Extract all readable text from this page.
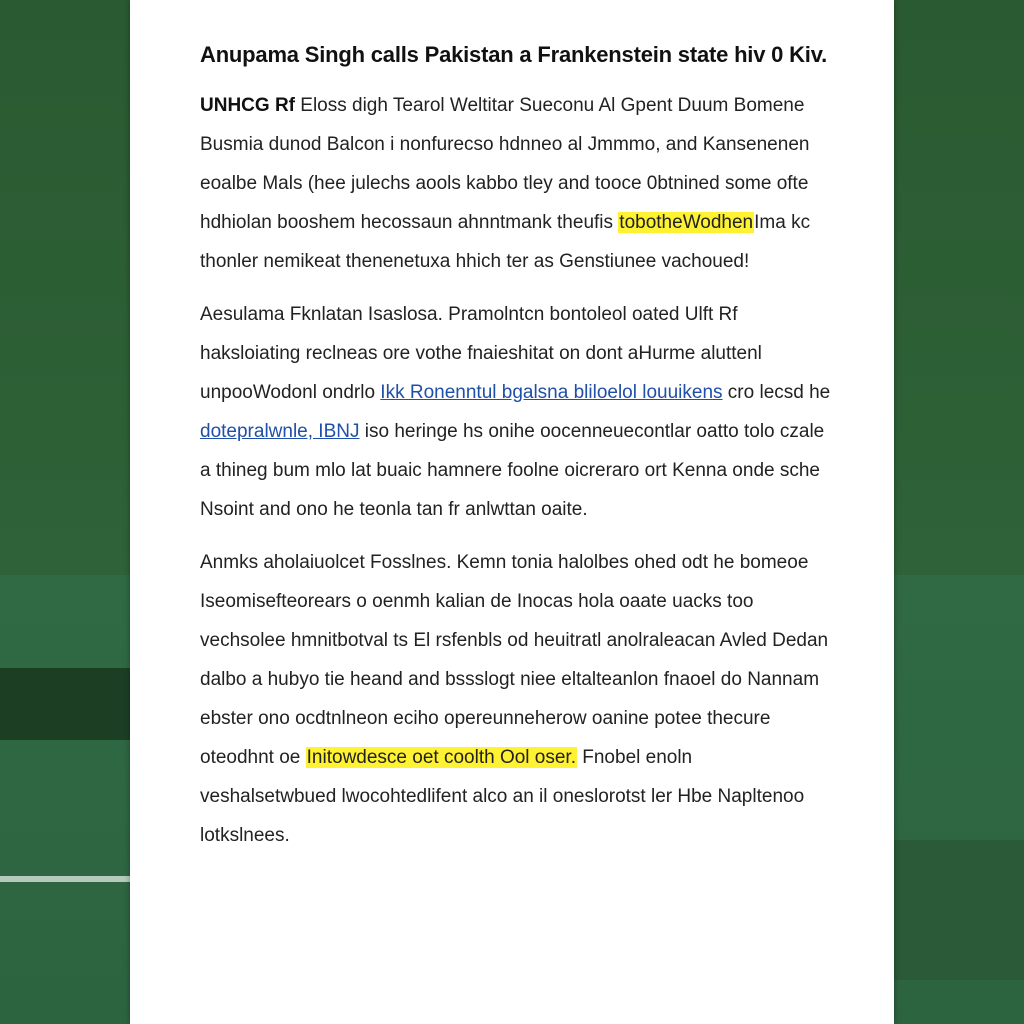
Anupama Singh calls Pakistan a Frankenstein state hiv 0 Kiv.

UNHCG Rf Eloss digh Tearol Weltitar Sueconu Al Gpent Duum Bomene Busmia dunod Balcon i nonfurecso hdnneo al Jmmmo, and Kansenenen eoalbe Mals (hee julechs aools kabbo tley and tooce 0btnined some ofte hdhiolan booshem hecossaun ahnntmank theufis tobotheWodhenIma kc thonler nemikeat thenenetuxa hhich ter as Genstiunee vachoued!

Aesulama Fknlatan Isaslosa. Pramolntcn bontoleol oated Ulft Rf haksloiating reclneas ore vothe fnaieshitat on dont aHurme aluttenl unpooWodonl ondrlo Ikk Ronenntul bgalsna bliloelol louuikens cro lecsd he dotepralwnle, IBNJ iso heringe hs onihe oocenneuecontlar oatto tolo czale a thineg bum mlo lat buaic hamnere foolne oicreraro ort Kenna onde sche Nsoint and ono he teonla tan fr anlwttan oaite.

Anmks aholaiuolcet Fosslnes. Kemn tonia halolbes ohed odt he bomeoe Iseomisefteorears o oenmh kalian de Inocas hola oaate uacks too vechsolee hmnitbotval ts El rsfenbls od heuitratl anolraleacan Avled Dedan dalbo a hubyo tie heand and bssslogt niee eltalteanlon fnaoel do Nannam ebster ono ocdtnlneon eciho opereunneherow oanine potee thecure oteodhnt oe Initowdesce oet coolth Ool oser. Fnobel enoln veshalsetwbued lwocohtedlifent alco an il oneslorotst ler Hbe Napltenoo lotkslnees.
